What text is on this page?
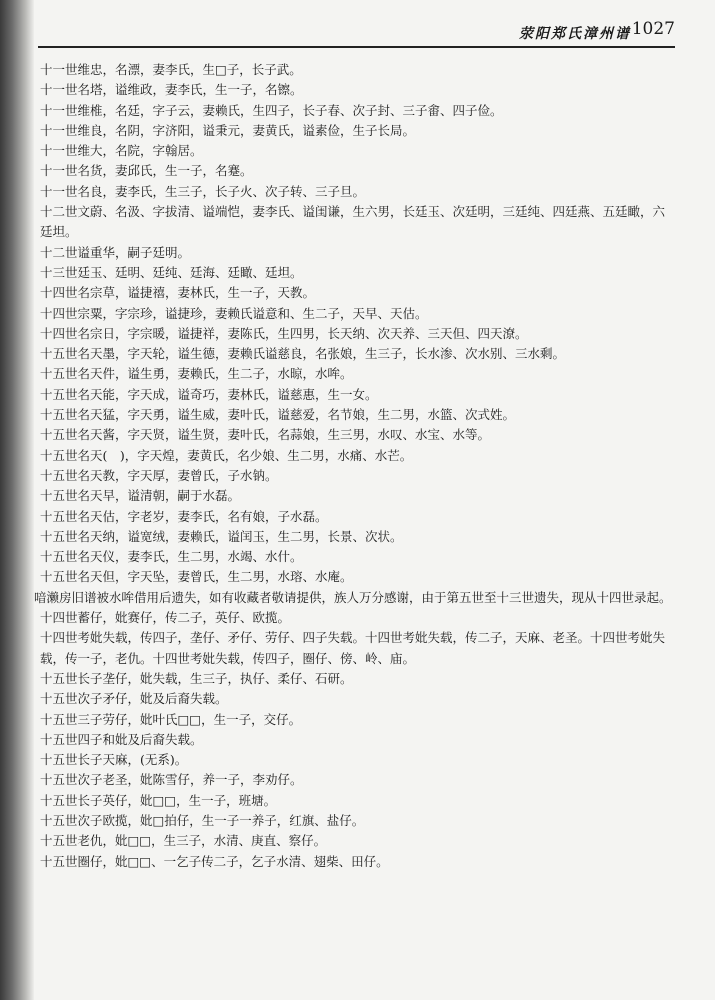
荥阳郑氏漳州谱 1027
十一世维忠，名漂，妻李氏，生□子，长子武。
十一世名塔，谥维政，妻李氏，生一子，名镲。
十一世维椎，名廷，字子云，妻赖氏，生四子，长子春、次子封、三子畬、四子俭。
十一世维良，名阴，字济阳，谥秉元，妻黄氏，谥素俭，生子长局。
十一世维大，名院，字翰居。
十一世名货，妻邱氏，生一子，名蹇。
十一世名良，妻李氏，生三子，长子火、次子转、三子旦。
十二世文蔚、名汲、字拔清、谥端恺，妻李氏、谥闺谦，生六男，长廷玉、次廷明，三廷纯、四廷燕、五廷瞰，六廷坦。
十二世谥重华，嗣子廷明。
十三世廷玉、廷明、廷纯、廷海、廷瞰、廷坦。
十四世名宗草，谥捷禧，妻林氏，生一子，天教。
十四世宗粟，字宗珍，谥捷珍，妻赖氏谥意和、生二子，天早、天估。
十四世名宗日，字宗暖，谥捷祥，妻陈氏，生四男，长天纳、次天养、三天但、四天潦。
十五世名天墨，字天轮，谥生德，妻赖氏谥慈良，名张娘，生三子，长水渗、次水别、三水剩。
十五世名天件，谥生勇，妻赖氏，生二子，水晾，水哞。
十五世名天能，字天成，谥奇巧，妻林氏，谥慈惠，生一女。
十五世名天猛，字天勇，谥生威，妻叶氏，谥慈爱，名节娘，生二男，水篮、次式姓。
十五世名天酱，字天贤，谥生贤，妻叶氏，名蒜娘，生三男，水叹、水宝、水等。
十五世名天(　)，字天煌，妻黄氏，名少娘、生二男，水痛、水芒。
十五世名天教，字天厚，妻曾氏，子水钠。
十五世名天早，谥清朝，嗣于水磊。
十五世名天估，字老岁，妻李氏，名有娘，子水磊。
十五世名天纳，谥宽绒，妻赖氏，谥闰玉，生二男，长景、次状。
十五世名天仪，妻李氏，生二男，水竭、水什。
十五世名天但，字天坠，妻曾氏，生二男，水瑢、水庵。
喑濑房旧谱被水哞借用后遗失，如有收藏者敬请提供，族人万分感谢，由于第五世至十三世遗失，现从十四世录起。
十四世蓄仔，妣赛仔，传二子，英仔、欧揽。
十四世考妣失载，传四子，垄仔、矛仔、劳仔、四子失载。十四世考妣失载，传二子，天麻、老圣。十四世考妣失载，传一子，老仇。十四世考妣失载，传四子，圈仔、傍、岭、庙。
十五世长子垄仔，妣失载，生三子，执仔、柔仔、石研。
十五世次子矛仔，妣及后裔失载。
十五世三子劳仔，妣叶氏□□，生一子，交仔。
十五世四子和妣及后裔失载。
十五世长子天麻，(无系)。
十五世次子老圣，妣陈雪仔，养一子，李劝仔。
十五世长子英仔，妣□□，生一子，班塘。
十五世次子欧揽，妣□拍仔，生一子一养子，红旗、盐仔。
十五世老仇，妣□□，生三子，水清、庚直、察仔。
十五世圈仔，妣□□、一乞子传二子，乞子水清、翅柴、田仔。
